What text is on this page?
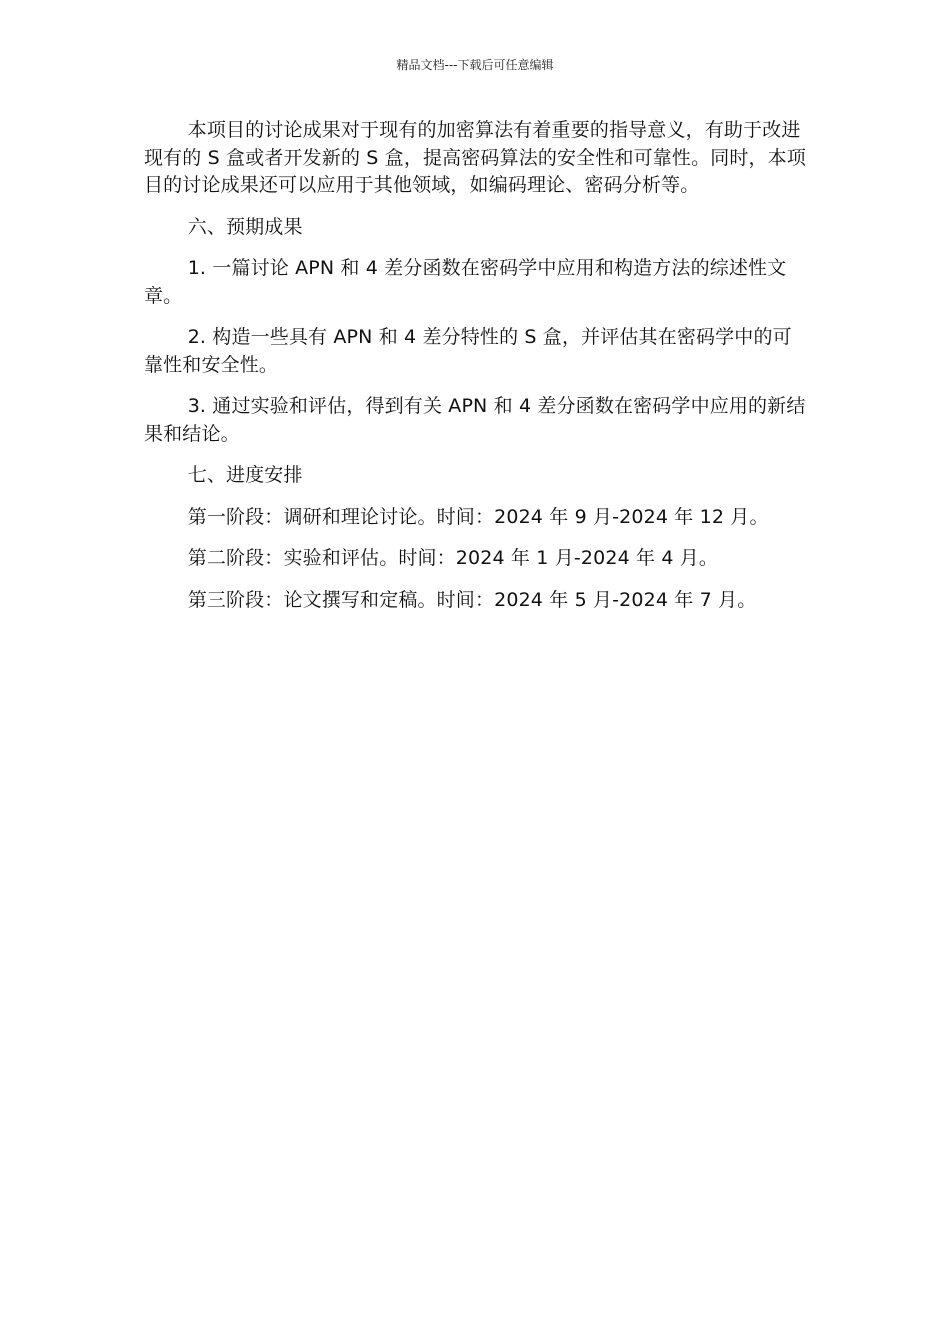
精品文档---下载后可任意编辑

本项目的讨论成果对于现有的加密算法有着重要的指导意义，有助于改进现有的 S 盒或者开发新的 S 盒，提高密码算法的安全性和可靠性。同时，本项目的讨论成果还可以应用于其他领域，如编码理论、密码分析等。

六、预期成果

1. 一篇讨论 APN 和 4 差分函数在密码学中应用和构造方法的综述性文章。

2. 构造一些具有 APN 和 4 差分特性的 S 盒，并评估其在密码学中的可靠性和安全性。

3. 通过实验和评估，得到有关 APN 和 4 差分函数在密码学中应用的新结果和结论。

七、进度安排

第一阶段：调研和理论讨论。时间：2024 年 9 月-2024 年 12 月。

第二阶段：实验和评估。时间：2024 年 1 月-2024 年 4 月。

第三阶段：论文撰写和定稿。时间：2024 年 5 月-2024 年 7 月。
